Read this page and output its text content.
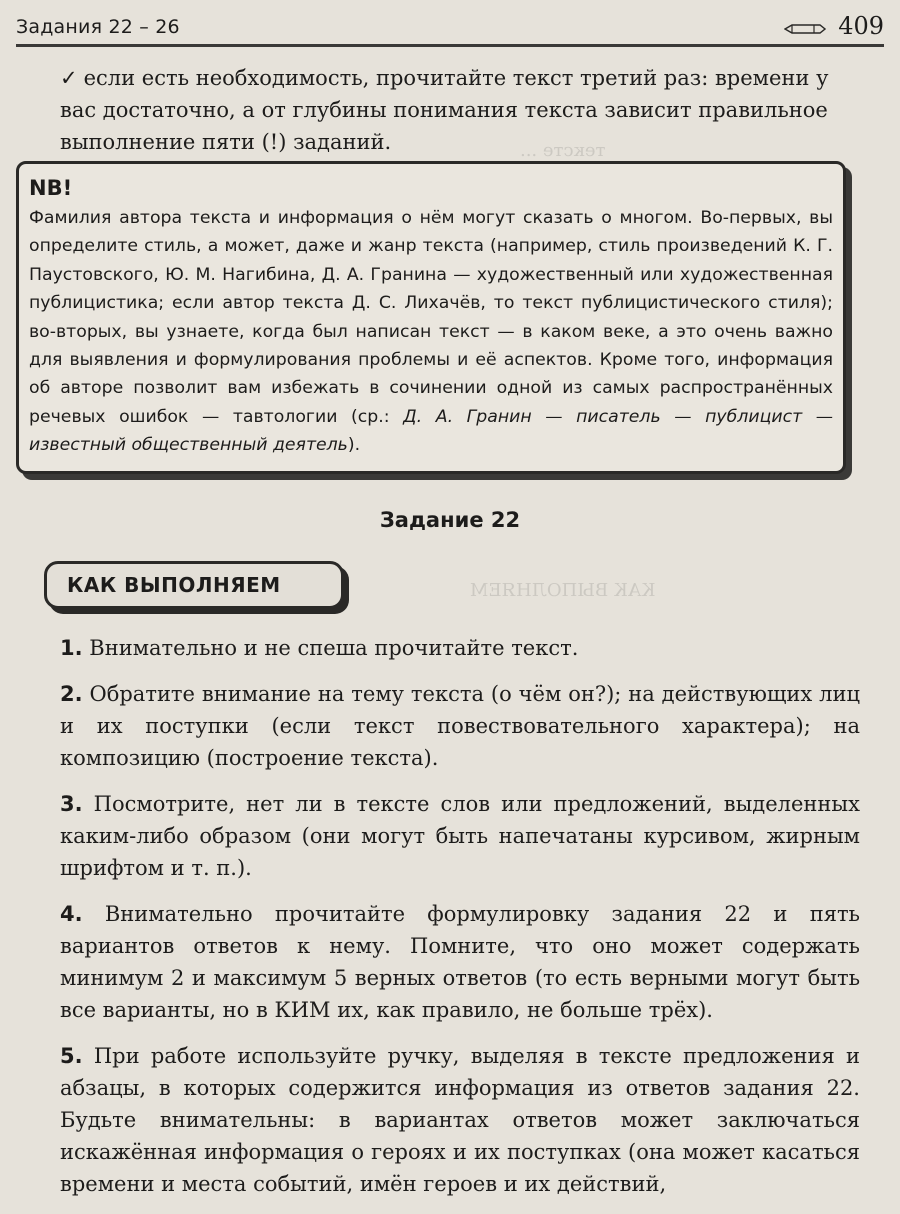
Задания 22 – 26	409
тексте ...
КАК ВЫПОЛНЯЕМ
✓ если есть необходимость, прочитайте текст третий раз: времени у вас достаточно, а от глубины понимания текста зависит правильное выполнение пяти (!) заданий.
NB!
Фамилия автора текста и информация о нём могут сказать о многом. Во-первых, вы определите стиль, а может, даже и жанр текста (например, стиль произведений К. Г. Паустовского, Ю. М. Нагибина, Д. А. Гранина — художественный или художественная публицистика; если автор текста Д. С. Лихачёв, то текст публицистического стиля); во-вторых, вы узнаете, когда был написан текст — в каком веке, а это очень важно для выявления и формулирования проблемы и её аспектов. Кроме того, информация об авторе позволит вам избежать в сочинении одной из самых распространённых речевых ошибок — тавтологии (ср.: Д. А. Гранин — писатель — публицист — известный общественный деятель).
Задание 22
КАК ВЫПОЛНЯЕМ

1. Внимательно и не спеша прочитайте текст.

2. Обратите внимание на тему текста (о чём он?); на действующих лиц и их поступки (если текст повествовательного характера); на композицию (построение текста).

3. Посмотрите, нет ли в тексте слов или предложений, выделенных каким-либо образом (они могут быть напечатаны курсивом, жирным шрифтом и т. п.).

4. Внимательно прочитайте формулировку задания 22 и пять вариантов ответов к нему. Помните, что оно может содержать минимум 2 и максимум 5 верных ответов (то есть верными могут быть все варианты, но в КИМ их, как правило, не больше трёх).

5. При работе используйте ручку, выделяя в тексте предложения и абзацы, в которых содержится информация из ответов задания 22. Будьте внимательны: в вариантах ответов может заключаться искажённая информация о героях и их поступках (она может касаться времени и места событий, имён героев и их действий,
